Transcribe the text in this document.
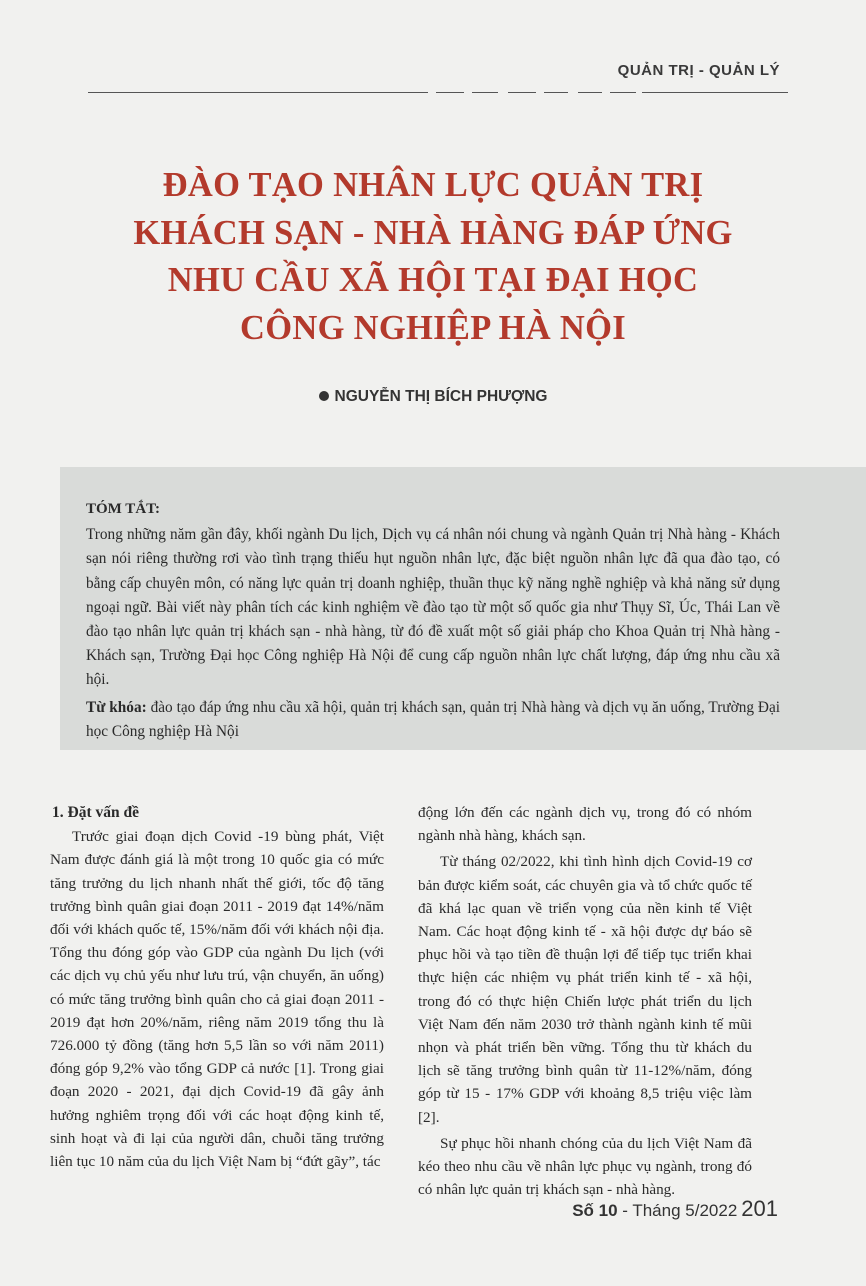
QUẢN TRỊ - QUẢN LÝ
ĐÀO TẠO NHÂN LỰC QUẢN TRỊ
KHÁCH SẠN - NHÀ HÀNG ĐÁP ỨNG
NHU CẦU XÃ HỘI TẠI ĐẠI HỌC
CÔNG NGHIỆP HÀ NỘI
NGUYỄN THỊ BÍCH PHƯỢNG
TÓM TẮT:

Trong những năm gần đây, khối ngành Du lịch, Dịch vụ cá nhân nói chung và ngành Quản trị Nhà hàng - Khách sạn nói riêng thường rơi vào tình trạng thiếu hụt nguồn nhân lực, đặc biệt nguồn nhân lực đã qua đào tạo, có bằng cấp chuyên môn, có năng lực quản trị doanh nghiệp, thuần thục kỹ năng nghề nghiệp và khả năng sử dụng ngoại ngữ. Bài viết này phân tích các kinh nghiệm về đào tạo từ một số quốc gia như Thụy Sĩ, Úc, Thái Lan về đào tạo nhân lực quản trị khách sạn - nhà hàng, từ đó đề xuất một số giải pháp cho Khoa Quản trị Nhà hàng - Khách sạn, Trường Đại học Công nghiệp Hà Nội để cung cấp nguồn nhân lực chất lượng, đáp ứng nhu cầu xã hội.

Từ khóa: đào tạo đáp ứng nhu cầu xã hội, quản trị khách sạn, quản trị Nhà hàng và dịch vụ ăn uống, Trường Đại học Công nghiệp Hà Nội

1. Đặt vấn đề

Trước giai đoạn dịch Covid -19 bùng phát, Việt Nam được đánh giá là một trong 10 quốc gia có mức tăng trưởng du lịch nhanh nhất thế giới, tốc độ tăng trưởng bình quân giai đoạn 2011 - 2019 đạt 14%/năm đối với khách quốc tế, 15%/năm đối với khách nội địa. Tổng thu đóng góp vào GDP của ngành Du lịch (với các dịch vụ chủ yếu như lưu trú, vận chuyển, ăn uống) có mức tăng trưởng bình quân cho cả giai đoạn 2011 - 2019 đạt hơn 20%/năm, riêng năm 2019 tổng thu là 726.000 tỷ đồng (tăng hơn 5,5 lần so với năm 2011) đóng góp 9,2% vào tổng GDP cả nước [1]. Trong giai đoạn 2020 - 2021, đại dịch Covid-19 đã gây ảnh hưởng nghiêm trọng đối với các hoạt động kinh tế, sinh hoạt và đi lại của người dân, chuỗi tăng trưởng liên tục 10 năm của du lịch Việt Nam bị “đứt gãy”, tác

động lớn đến các ngành dịch vụ, trong đó có nhóm ngành nhà hàng, khách sạn.

Từ tháng 02/2022, khi tình hình dịch Covid-19 cơ bản được kiểm soát, các chuyên gia và tổ chức quốc tế đã khá lạc quan về triển vọng của nền kinh tế Việt Nam. Các hoạt động kinh tế - xã hội được dự báo sẽ phục hồi và tạo tiền đề thuận lợi để tiếp tục triển khai thực hiện các nhiệm vụ phát triển kinh tế - xã hội, trong đó có thực hiện Chiến lược phát triển du lịch Việt Nam đến năm 2030 trở thành ngành kinh tế mũi nhọn và phát triển bền vững. Tổng thu từ khách du lịch sẽ tăng trưởng bình quân từ 11-12%/năm, đóng góp từ 15 - 17% GDP với khoảng 8,5 triệu việc làm [2].

Sự phục hồi nhanh chóng của du lịch Việt Nam đã kéo theo nhu cầu về nhân lực phục vụ ngành, trong đó có nhân lực quản trị khách sạn - nhà hàng.

Số 10 - Tháng 5/2022 201
